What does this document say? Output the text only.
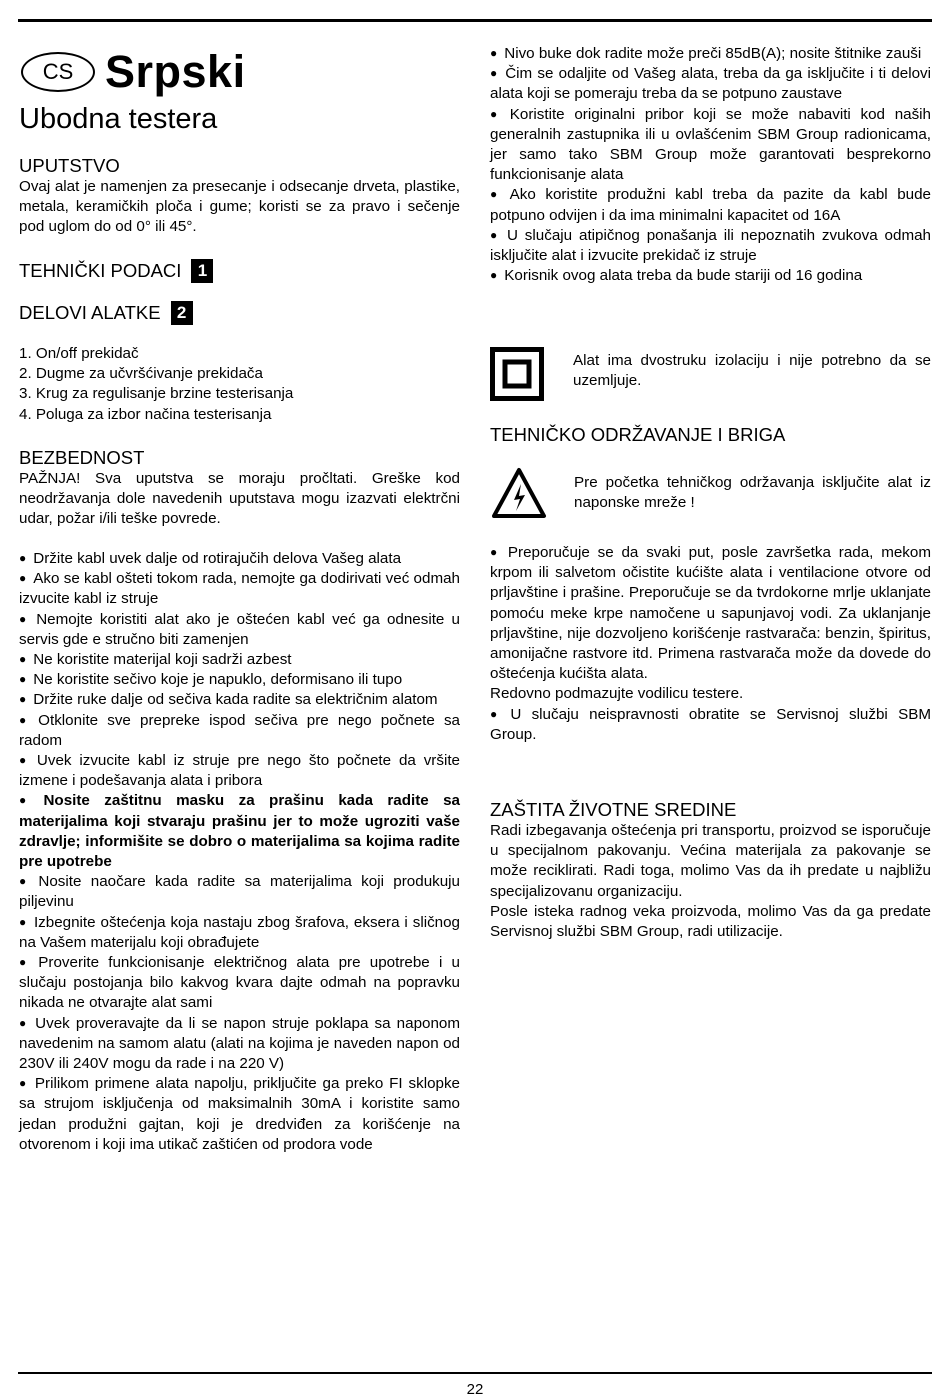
CS Srpski
Ubodna testera
UPUTSTVO
Ovaj alat je namenjen za presecanje i odsecanje drveta, plastike, metala, keramičkih ploča i gume; koristi se za pravo i sečenje pod uglom do od 0° ili 45°.
TEHNIČKI PODACI 1
DELOVI ALATKE 2
1. On/off prekidač
2. Dugme za učvršćivanje prekidača
3. Krug za regulisanje brzine testerisanja
4. Poluga za izbor načina testerisanja
BEZBEDNOST
PAŽNJA! Sva uputstva se moraju pročltati. Greške kod neodržavanja dole navedenih uputstava mogu izazvati elektrčni udar, požar i/ili teške povrede.
● Držite kabl uvek dalje od rotirajučih delova Vašeg alata
● Ako se kabl ošteti tokom rada, nemojte ga dodirivati već odmah izvucite kabl iz struje
● Nemojte koristiti alat ako je oštećen kabl već ga odnesite u servis gde e stručno biti zamenjen
● Ne koristite materijal koji sadrži azbest
● Ne koristite sečivo koje je napuklo, deformisano ili tupo
● Držite ruke dalje od sečiva kada radite sa električnim alatom
● Otklonite sve prepreke ispod sečiva pre nego počnete sa radom
● Uvek izvucite kabl iz struje pre nego što počnete da vršite izmene i podešavanja alata i pribora
● Nosite zaštitnu masku za prašinu kada radite sa materijalima koji stvaraju prašinu jer to može ugroziti vaše zdravlje; informišite se dobro o materijalima sa kojima radite pre upotrebe
● Nosite naočare kada radite sa materijalima koji produkuju piljevinu
● Izbegnite oštećenja koja nastaju zbog šrafova, eksera i sličnog na Vašem materijalu koji obrađujete
● Proverite funkcionisanje električnog alata pre upotrebe i u slučaju postojanja bilo kakvog kvara dajte odmah na popravku nikada ne otvarajte alat sami
● Uvek proveravajte da li se napon struje poklapa sa naponom navedenim na samom alatu (alati na kojima je naveden napon od 230V ili 240V mogu da rade i na 220 V)
● Prilikom primene alata napolju, priključite ga preko FI sklopke sa strujom isključenja od maksimalnih 30mA i koristite samo jedan produžni gajtan, koji je dredviđen za korišćenje na otvorenom i koji ima utikač zaštićen od prodora vode
● Nivo buke dok radite može preči 85dB(A); nosite štitnike zauši
● Čim se odaljite od Vašeg alata, treba da ga isključite i ti delovi alata koji se pomeraju treba da se potpuno zaustave
● Koristite originalni pribor koji se može nabaviti kod naših generalnih zastupnika ili u ovlašćenim SBM Group radionicama, jer samo tako SBM Group može garantovati besprekorno funkcionisanje alata
● Ako koristite produžni kabl treba da pazite da kabl bude potpuno odvijen i da ima minimalni kapacitet od 16A
● U slučaju atipičnog ponašanja ili nepoznatih zvukova odmah isključite alat i izvucite prekidač iz struje
● Korisnik ovog alata treba da bude stariji od 16 godina
Alat ima dvostruku izolaciju i nije potrebno da se uzemljuje.
TEHNIČKO ODRŽAVANJE I BRIGA
Pre početka tehničkog održavanja isključite alat iz naponske mreže !
● Preporučuje se da svaki put, posle završetka rada, mekom krpom ili salvetom očistite kućište alata i ventilacione otvore od prljavštine i prašine. Preporučuje se da tvrdokorne mrlje uklanjate pomoću meke krpe namočene u sapunjavoj vodi. Za uklanjanje prljavštine, nije dozvoljeno korišćenje rastvarača: benzin, špiritus, amonijačne rastvore itd. Primena rastvarača može da dovede do oštećenja kućišta alata.
Redovno podmazujte vodilicu testere.
● U slučaju neispravnosti obratite se Servisnoj službi SBM Group.
ZAŠTITA ŽIVOTNE SREDINE
Radi izbegavanja oštećenja pri transportu, proizvod se isporučuje u specijalnom pakovanju. Većina materijala za pakovanje se može reciklirati. Radi toga, molimo Vas da ih predate u najbližu specijalizovanu organizaciju.
Posle isteka radnog veka proizvoda, molimo Vas da ga predate Servisnoj službi SBM Group, radi utilizacije.
22
